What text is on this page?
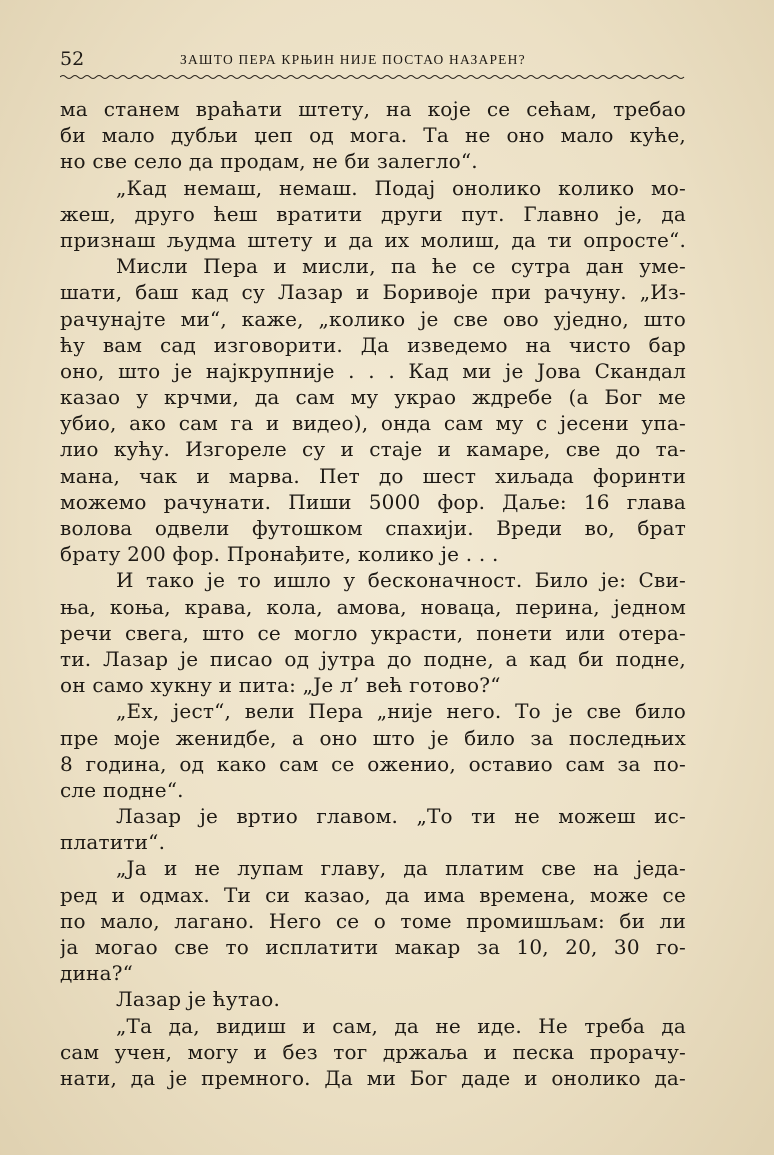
52	ЗАШТО ПЕРА КРЊИН НИЈЕ ПОСТАО НАЗАРЕН?
ма станем враћати штету, на које се сећам, требао
би мало дубљи џеп од мога. Та не оно мало куће,
но све село да продам, не би залегло“.
„Кад немаш, немаш. Подај онолико колико мо-
жеш, друго ћеш вратити други пут. Главно је, да
признаш људма штету и да их молиш, да ти опросте“.
Мисли Пера и мисли, па ће се сутра дан уме-
шати, баш кад су Лазар и Боривоје при рачуну. „Из-
рачунајте ми“, каже, „колико је све ово уједно, што
ћу вам сад изговорити. Да изведемо на чисто бар
оно, што је најкрупније . . . Кад ми је Јова Скандал
казао у крчми, да сам му украо ждребе (а Бог ме
убио, ако сам га и видео), онда сам му с јесени упа-
лио кућу. Изгореле су и стаје и камаре, све до та-
мана, чак и марва. Пет до шест хиљада форинти
можемо рачунати. Пиши 5000 фор. Даље: 16 глава
волова одвели футошком спахији. Вреди во, брат
брату 200 фор. Пронађите, колико је . . .
И тако је то ишло у бесконачност. Било је: Сви-
ња, коња, крава, кола, амова, новаца, перина, једном
речи свега, што се могло украсти, понети или отера-
ти. Лазар је писао од јутра до подне, а кад би подне,
он само хукну и пита: „Је л’ већ готово?“
„Ех, јест“, вели Пера „није него. То је све било
пре моје женидбе, а оно што је било за последњих
8 година, од како сам се оженио, оставио сам за по-
сле подне“.
Лазар је вртио главом. „То ти не можеш ис-
платити“.
„Ја и не лупам главу, да платим све на једа-
ред и одмах. Ти си казао, да има времена, може се
по мало, лагано. Него се о томе промишљам: би ли
ја могао све то исплатити макар за 10, 20, 30 го-
дина?“
Лазар је ћутао.
„Та да, видиш и сам, да не иде. Не треба да
сам учен, могу и без тог држаља и песка прорачу-
нати, да је премного. Да ми Бог даде и онолико да-
